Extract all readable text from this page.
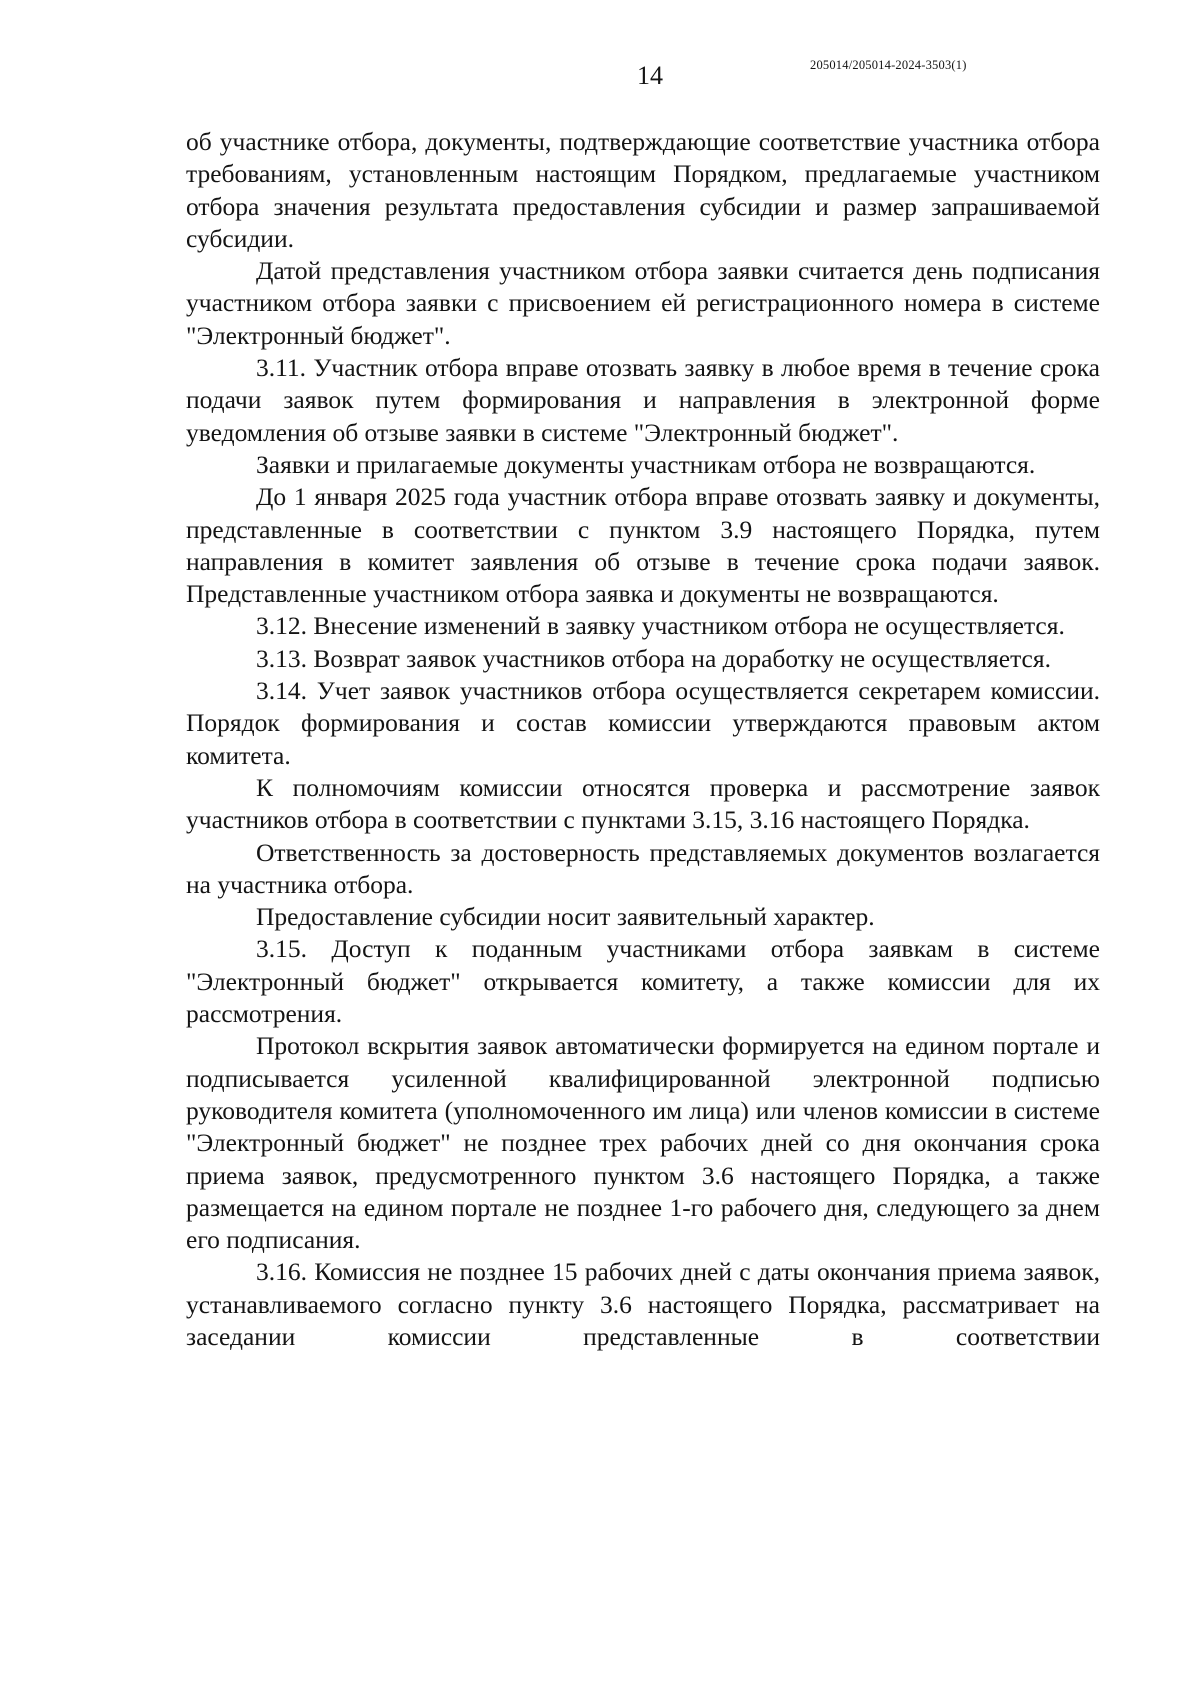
14	205014/205014-2024-3503(1)

об участнике отбора, документы, подтверждающие соответствие участника отбора требованиям, установленным настоящим Порядком, предлагаемые участником отбора значения результата предоставления субсидии и размер запрашиваемой субсидии.

Датой представления участником отбора заявки считается день подписания участником отбора заявки с присвоением ей регистрационного номера в системе "Электронный бюджет".

3.11. Участник отбора вправе отозвать заявку в любое время в течение срока подачи заявок путем формирования и направления в электронной форме уведомления об отзыве заявки в системе "Электронный бюджет".

Заявки и прилагаемые документы участникам отбора не возвращаются.

До 1 января 2025 года участник отбора вправе отозвать заявку и документы, представленные в соответствии с пунктом 3.9 настоящего Порядка, путем направления в комитет заявления об отзыве в течение срока подачи заявок. Представленные участником отбора заявка и документы не возвращаются.

3.12. Внесение изменений в заявку участником отбора не осуществляется.

3.13. Возврат заявок участников отбора на доработку не осуществляется.

3.14. Учет заявок участников отбора осуществляется секретарем комиссии. Порядок формирования и состав комиссии утверждаются правовым актом комитета.

К полномочиям комиссии относятся проверка и рассмотрение заявок участников отбора в соответствии с пунктами 3.15, 3.16 настоящего Порядка.

Ответственность за достоверность представляемых документов возлагается на участника отбора.

Предоставление субсидии носит заявительный характер.

3.15. Доступ к поданным участниками отбора заявкам в системе "Электронный бюджет" открывается комитету, а также комиссии для их рассмотрения.

Протокол вскрытия заявок автоматически формируется на едином портале и подписывается усиленной квалифицированной электронной подписью руководителя комитета (уполномоченного им лица) или членов комиссии в системе "Электронный бюджет" не позднее трех рабочих дней со дня окончания срока приема заявок, предусмотренного пунктом 3.6 настоящего Порядка, а также размещается на едином портале не позднее 1-го рабочего дня, следующего за днем его подписания.

3.16. Комиссия не позднее 15 рабочих дней с даты окончания приема заявок, устанавливаемого согласно пункту 3.6 настоящего Порядка, рассматривает на заседании комиссии представленные в соответствии
